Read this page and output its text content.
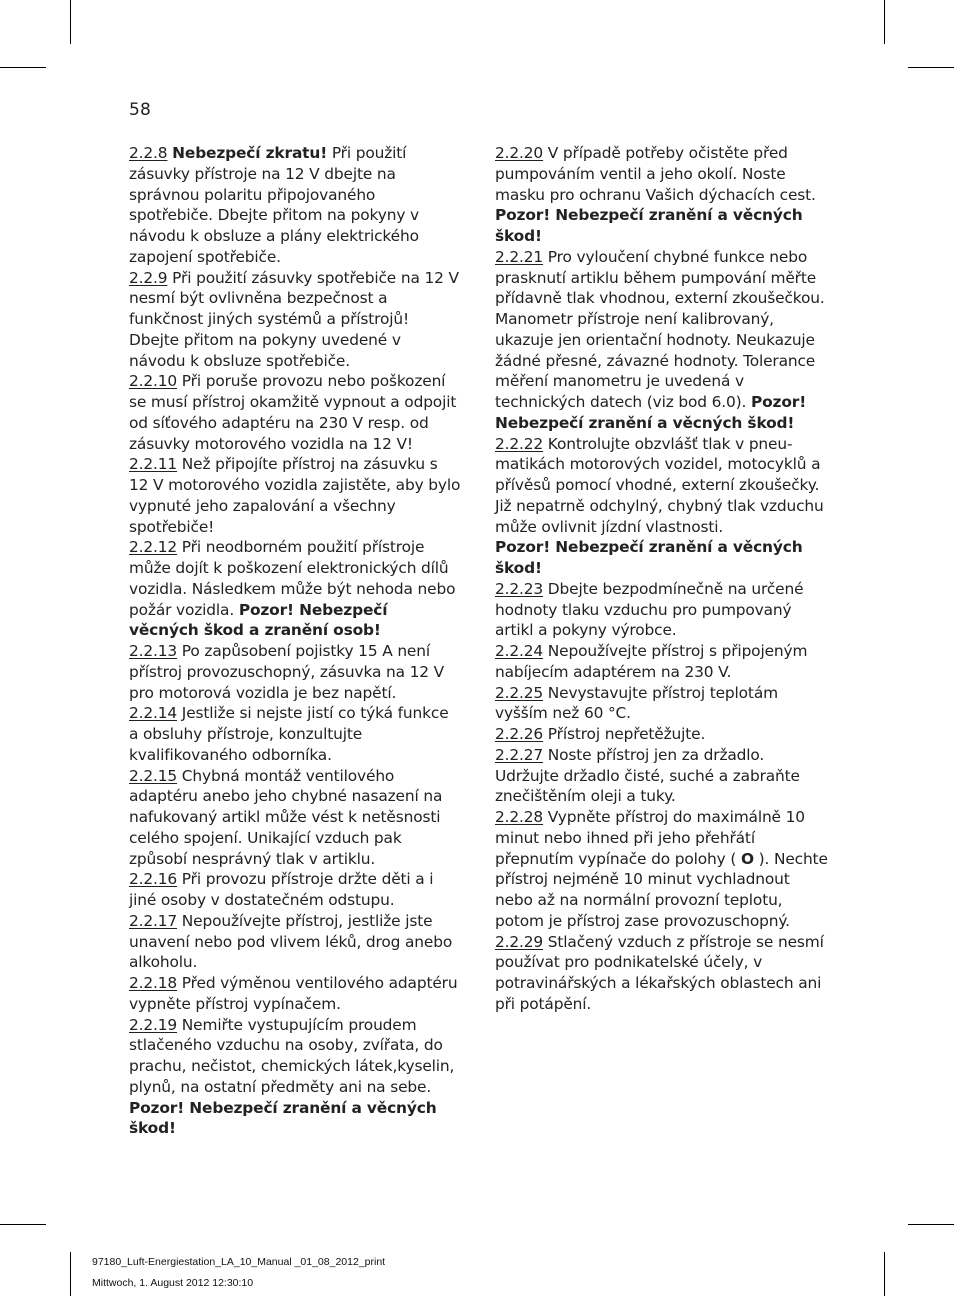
58

2.2.8 Nebezpečí zkratu! Při použití zásuvky přístroje na 12 V dbejte na správnou polaritu připojovaného spotřebiče. Dbejte přitom na pokyny v návodu k obsluze a plány elektrického zapojení spotřebiče.

2.2.9 Při použití zásuvky spotřebiče na 12 V nesmí být ovlivněna bezpečnost a funkčnost jiných systémů a přístrojů! Dbejte přitom na pokyny uvedené v návodu k obsluze spotřebiče.

2.2.10 Při poruše provozu nebo poškození se musí přístroj okamžitě vypnout a odpojit od síťového adaptéru na 230 V resp. od zásuvky motorového vozidla na 12 V!

2.2.11 Než připojíte přístroj na zásuvku s 12 V motorového vozidla zajistěte, aby bylo vypnuté jeho zapalování a všechny spotřebiče!

2.2.12 Při neodborném použití přístroje může dojít k poškození elektronických dílů vozidla. Následkem může být nehoda nebo požár vozidla. Pozor! Nebezpečí věcných škod a zranění osob!

2.2.13 Po zapůsobení pojistky 15 A není přístroj provozuschopný, zásuvka na 12 V pro motorová vozidla je bez napětí.

2.2.14 Jestliže si nejste jistí co týká funkce a obsluhy přístroje, konzultujte kvalifikovaného odborníka.

2.2.15 Chybná montáž ventilového adaptéru anebo jeho chybné nasazení na nafukovaný artikl může vést k netěsnosti celého spojení. Unikající vzduch pak způsobí nesprávný tlak v artiklu.

2.2.16 Při provozu přístroje držte děti a i jiné osoby v dostatečném odstupu.

2.2.17 Nepoužívejte přístroj, jestliže jste unavení nebo pod vlivem léků, drog anebo alkoholu.

2.2.18 Před výměnou ventilového adaptéru vypněte přístroj vypínačem.

2.2.19 Nemiřte vystupujícím proudem stlačeného vzduchu na osoby, zvířata, do prachu, nečistot, chemických látek,kyselin, plynů, na ostatní předměty ani na sebe.

Pozor! Nebezpečí zranění a věcných škod!

2.2.20 V případě potřeby očistěte před pumpováním ventil a jeho okolí. Noste masku pro ochranu Vašich dýchacích cest.

Pozor! Nebezpečí zranění a věcných škod!

2.2.21 Pro vyloučení chybné funkce nebo prasknutí artiklu během pumpování měřte přídavně tlak vhodnou, externí zkoušečkou. Manometr přístroje není kalibrovaný, ukazuje jen orientační hodnoty. Neukazuje žádné přesné, závazné hodnoty. Tolerance měření manometru je uvedená v technických datech (viz bod 6.0). Pozor! Nebezpečí zranění a věcných škod!

2.2.22 Kontrolujte obzvlášť tlak v pneu-matikách motorových vozidel, motocyklů a přívěsů pomocí vhodné, externí zkoušečky. Již nepatrně odchylný, chybný tlak vzduchu může ovlivnit jízdní vlastnosti.

Pozor! Nebezpečí zranění a věcných škod!

2.2.23 Dbejte bezpodmínečně na určené hodnoty tlaku vzduchu pro pumpovaný artikl a pokyny výrobce.

2.2.24 Nepoužívejte přístroj s připojeným nabíjecím adaptérem na 230 V.

2.2.25 Nevystavujte přístroj teplotám vyšším než 60 °C.

2.2.26 Přístroj nepřetěžujte.

2.2.27 Noste přístroj jen za držadlo. Udržujte držadlo čisté, suché a zabraňte znečištěním oleji a tuky.

2.2.28 Vypněte přístroj do maximálně 10 minut nebo ihned při jeho přehřátí přepnutím vypínače do polohy ( O ). Nechte přístroj nejméně 10 minut vychladnout nebo až na normální provozní teplotu, potom je přístroj zase provozuschopný.

2.2.29 Stlačený vzduch z přístroje se nesmí používat pro podnikatelské účely, v potravinářských a lékařských oblastech ani při potápění.

97180_Luft-Energiestation_LA_10_Manual _01_08_2012_print
Mittwoch, 1. August 2012 12:30:10
